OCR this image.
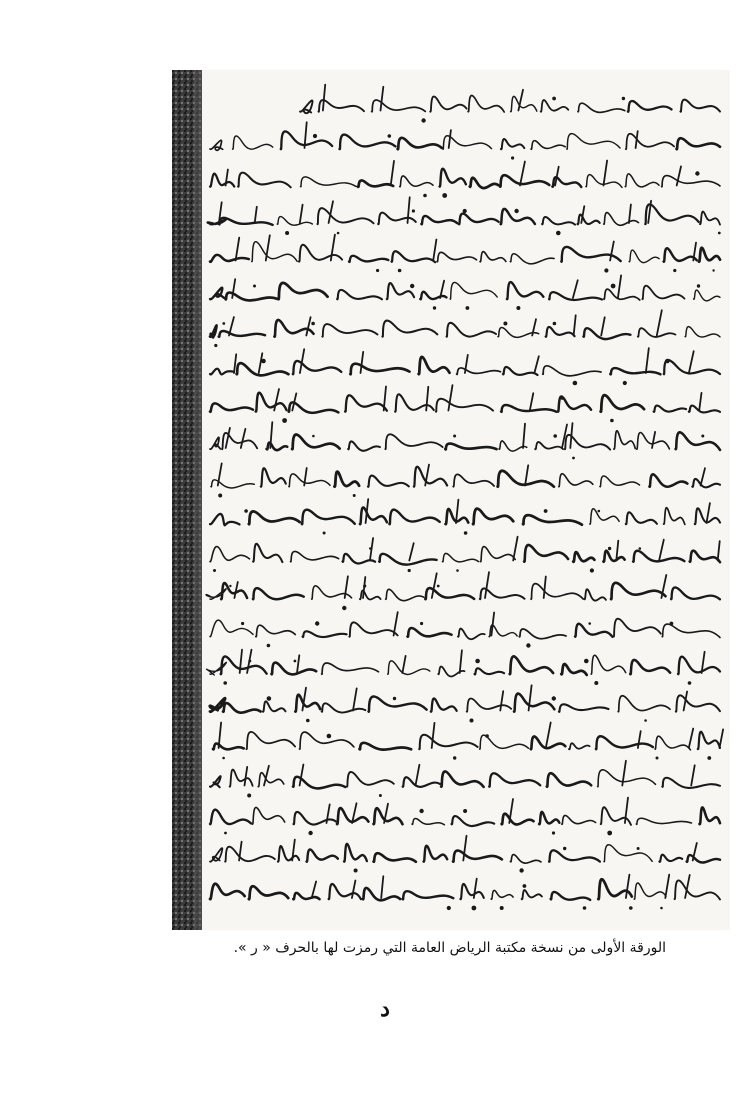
الورقة الأولى من نسخة مكتبة الرياض العامة التي رمزت لها بالحرف « ر ».
د
